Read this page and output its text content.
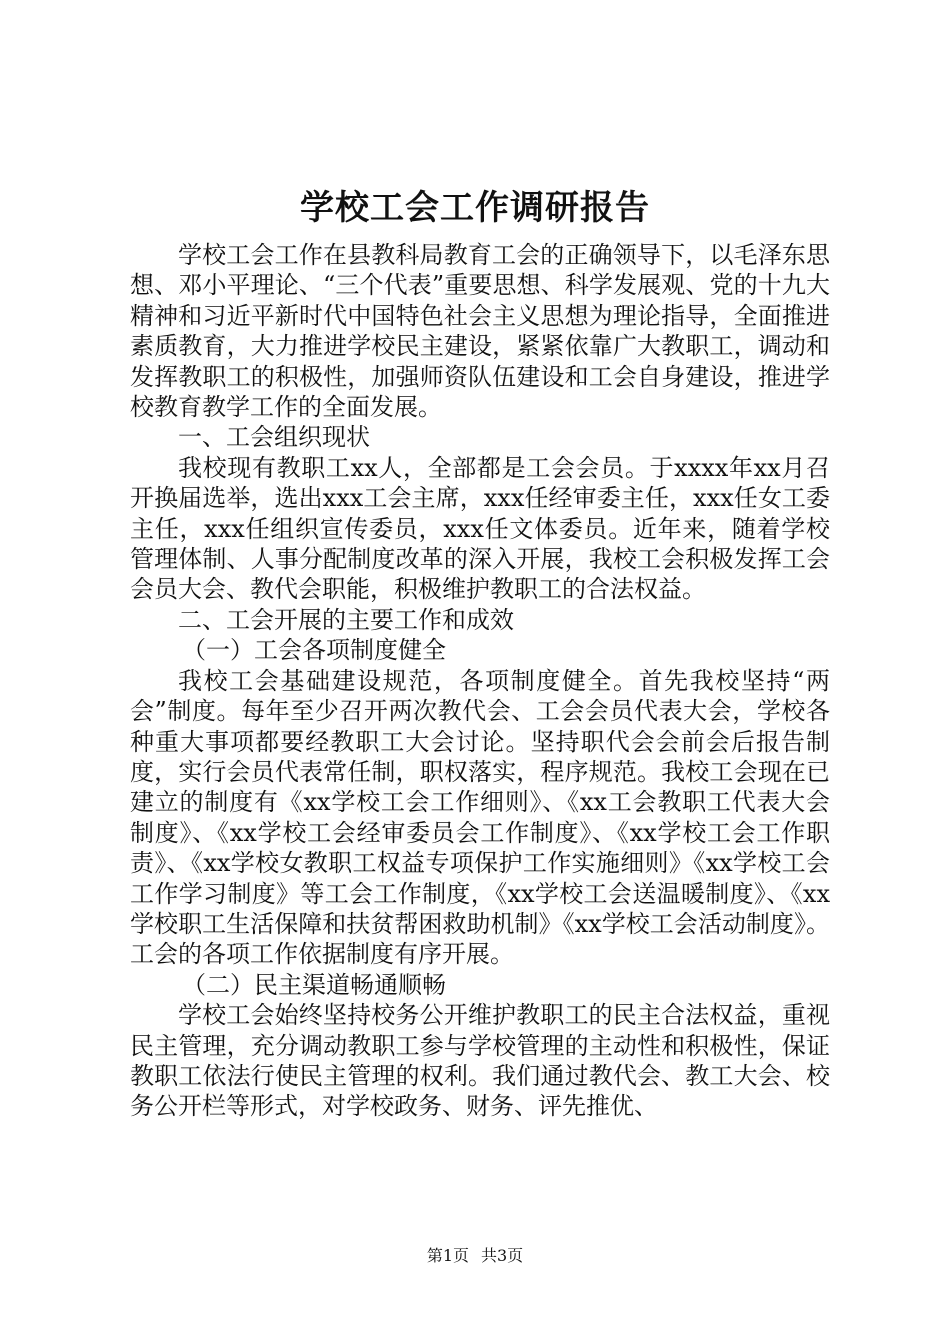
学校工会工作调研报告

学校工会工作在县教科局教育工会的正确领导下，以毛泽东思想、邓小平理论、“三个代表”重要思想、科学发展观、党的十九大精神和习近平新时代中国特色社会主义思想为理论指导，全面推进素质教育，大力推进学校民主建设，紧紧依靠广大教职工，调动和发挥教职工的积极性，加强师资队伍建设和工会自身建设，推进学校教育教学工作的全面发展。

一、工会组织现状

我校现有教职工xx人，全部都是工会会员。于xxxx年xx月召开换届选举，选出xxx工会主席，xxx任经审委主任，xxx任女工委主任，xxx任组织宣传委员，xxx任文体委员。近年来，随着学校管理体制、人事分配制度改革的深入开展，我校工会积极发挥工会会员大会、教代会职能，积极维护教职工的合法权益。

二、工会开展的主要工作和成效

（一）工会各项制度健全

我校工会基础建设规范，各项制度健全。首先我校坚持“两会”制度。每年至少召开两次教代会、工会会员代表大会，学校各种重大事项都要经教职工大会讨论。坚持职代会会前会后报告制度，实行会员代表常任制，职权落实，程序规范。我校工会现在已建立的制度有《xx学校工会工作细则》、《xx工会教职工代表大会制度》、《xx学校工会经审委员会工作制度》、《xx学校工会工作职责》、《xx学校女教职工权益专项保护工作实施细则》《xx学校工会工作学习制度》等工会工作制度，《xx学校工会送温暖制度》、《xx学校职工生活保障和扶贫帮困救助机制》《xx学校工会活动制度》。工会的各项工作依据制度有序开展。

（二）民主渠道畅通顺畅

学校工会始终坚持校务公开维护教职工的民主合法权益，重视民主管理，充分调动教职工参与学校管理的主动性和积极性，保证教职工依法行使民主管理的权利。我们通过教代会、教工大会、校务公开栏等形式，对学校政务、财务、评先推优、

第1页 共3页
